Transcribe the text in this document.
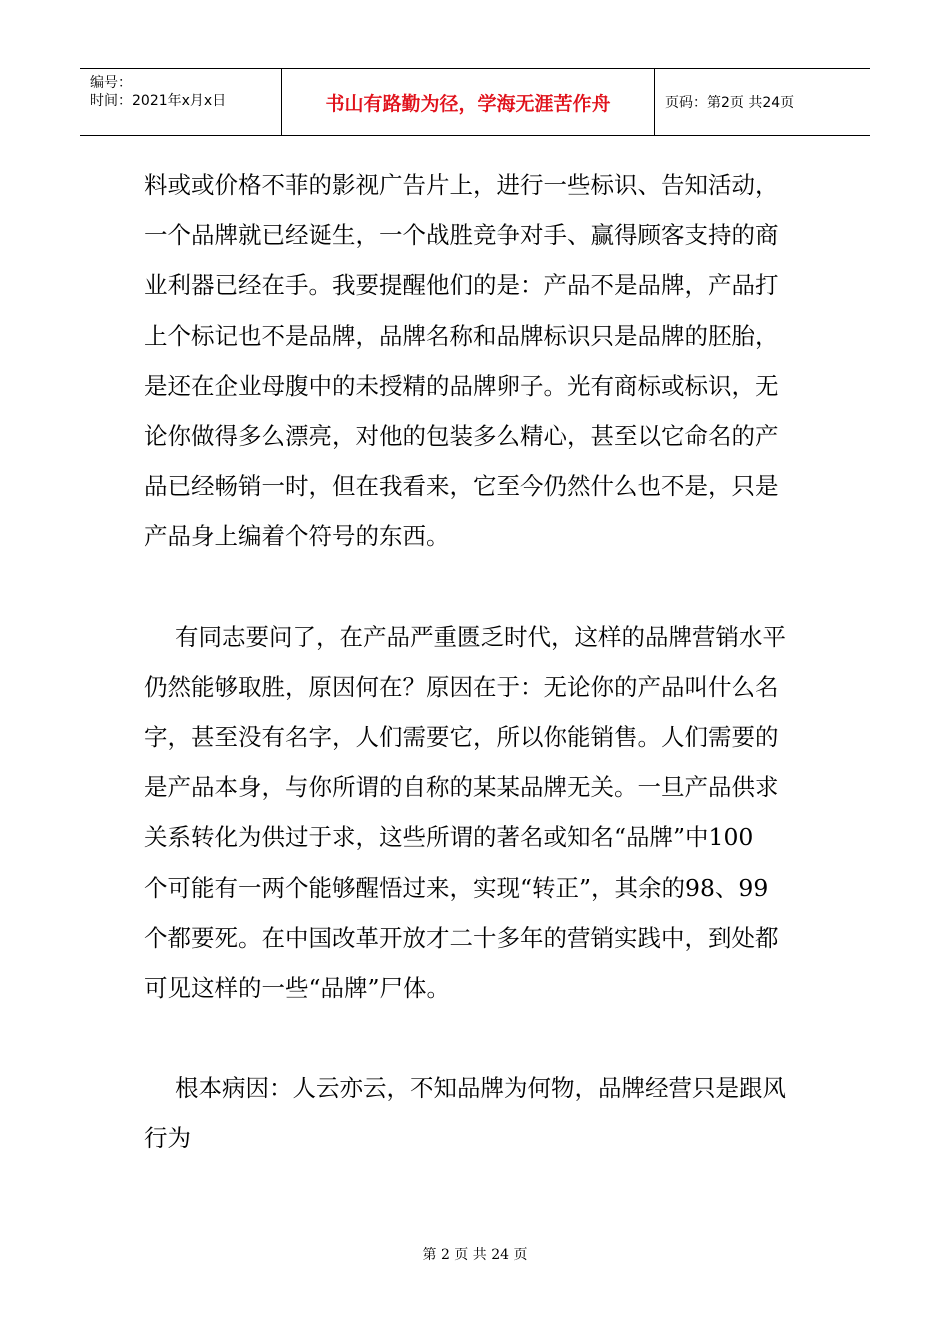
编号：
时间：2021年x月x日	书山有路勤为径，学海无涯苦作舟	页码：第2页 共24页
料或或价格不菲的影视广告片上，进行一些标识、告知活动，
一个品牌就已经诞生，一个战胜竞争对手、赢得顾客支持的商
业利器已经在手。我要提醒他们的是：产品不是品牌，产品打
上个标记也不是品牌，品牌名称和品牌标识只是品牌的胚胎，
是还在企业母腹中的未授精的品牌卵子。光有商标或标识，无
论你做得多么漂亮，对他的包装多么精心，甚至以它命名的产
品已经畅销一时，但在我看来，它至今仍然什么也不是，只是
产品身上编着个符号的东西。
有同志要问了，在产品严重匮乏时代，这样的品牌营销水平
仍然能够取胜，原因何在？原因在于：无论你的产品叫什么名
字，甚至没有名字，人们需要它，所以你能销售。人们需要的
是产品本身，与你所谓的自称的某某品牌无关。一旦产品供求
关系转化为供过于求，这些所谓的著名或知名“品牌”中100
个可能有一两个能够醒悟过来，实现“转正”，其余的98、99
个都要死。在中国改革开放才二十多年的营销实践中，到处都
可见这样的一些“品牌”尸体。
根本病因：人云亦云，不知品牌为何物，品牌经营只是跟风
行为
第 2 页 共 24 页
